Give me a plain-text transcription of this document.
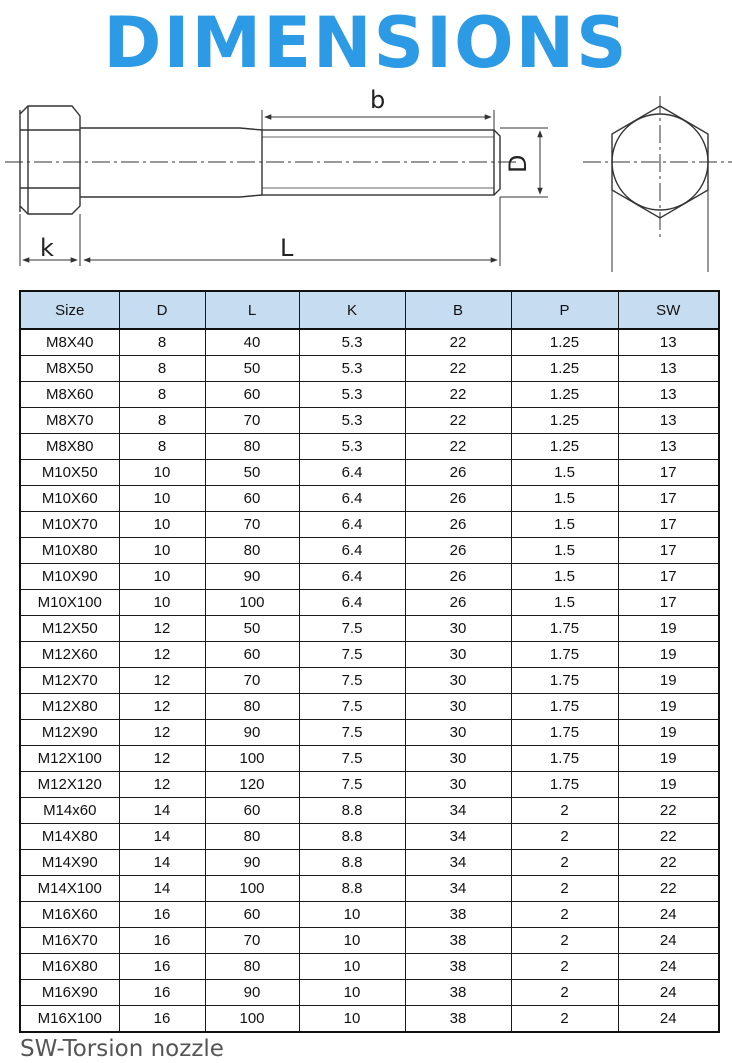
DIMENSIONS
b
D
k	L
Size	D	L	K	B	P	SW
M8X40	8	40	5.3	22	1.25	13
M8X50	8	50	5.3	22	1.25	13
M8X60	8	60	5.3	22	1.25	13
M8X70	8	70	5.3	22	1.25	13
M8X80	8	80	5.3	22	1.25	13
M10X50	10	50	6.4	26	1.5	17
M10X60	10	60	6.4	26	1.5	17
M10X70	10	70	6.4	26	1.5	17
M10X80	10	80	6.4	26	1.5	17
M10X90	10	90	6.4	26	1.5	17
M10X100	10	100	6.4	26	1.5	17
M12X50	12	50	7.5	30	1.75	19
M12X60	12	60	7.5	30	1.75	19
M12X70	12	70	7.5	30	1.75	19
M12X80	12	80	7.5	30	1.75	19
M12X90	12	90	7.5	30	1.75	19
M12X100	12	100	7.5	30	1.75	19
M12X120	12	120	7.5	30	1.75	19
M14x60	14	60	8.8	34	2	22
M14X80	14	80	8.8	34	2	22
M14X90	14	90	8.8	34	2	22
M14X100	14	100	8.8	34	2	22
M16X60	16	60	10	38	2	24
M16X70	16	70	10	38	2	24
M16X80	16	80	10	38	2	24
M16X90	16	90	10	38	2	24
M16X100	16	100	10	38	2	24
SW-Torsion nozzle
